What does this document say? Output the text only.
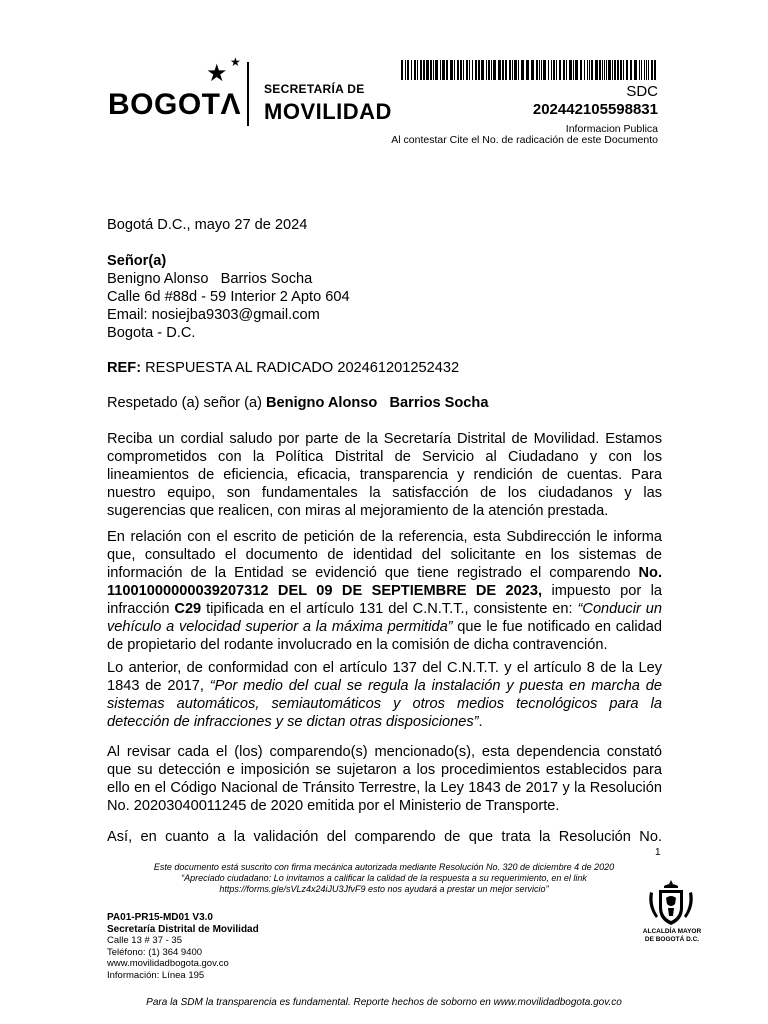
BOGOTΛ
★ ★
SECRETARÍA DE
MOVILIDAD
SDC
202442105598831
Informacion Publica
Al contestar Cite el No. de radicación de este Documento
Bogotá D.C., mayo 27 de 2024

Señor(a)

Benigno Alonso   Barrios Socha

Calle 6d #88d - 59 Interior 2 Apto 604

Email: nosiejba9303@gmail.com

Bogota - D.C.

REF: RESPUESTA AL RADICADO 202461201252432
Respetado (a) señor (a) Benigno Alonso   Barrios Socha

Reciba un cordial saludo por parte de la Secretaría Distrital de Movilidad. Estamos comprometidos con la Política Distrital de Servicio al Ciudadano y con los lineamientos de eficiencia, eficacia, transparencia y rendición de cuentas. Para nuestro equipo, son fundamentales la satisfacción de los ciudadanos y las sugerencias que realicen, con miras al mejoramiento de la atención prestada.

En relación con el escrito de petición de la referencia, esta Subdirección le informa que, consultado el documento de identidad del solicitante en los sistemas de información de la Entidad se evidenció que tiene registrado el comparendo No. 11001000000039207312 DEL 09 DE SEPTIEMBRE DE 2023, impuesto por la infracción C29 tipificada en el artículo 131 del C.N.T.T., consistente en: “Conducir un vehículo a velocidad superior a la máxima permitida” que le fue notificado en calidad de propietario del rodante involucrado en la comisión de dicha contravención.

Lo anterior, de conformidad con el artículo 137 del C.N.T.T. y el artículo 8 de la Ley 1843 de 2017, “Por medio del cual se regula la instalación y puesta en marcha de sistemas automáticos, semiautomáticos y otros medios tecnológicos para la detección de infracciones y se dictan otras disposiciones”.

Al revisar cada el (los) comparendo(s) mencionado(s), esta dependencia constató que su detección e imposición se sujetaron a los procedimientos establecidos para ello en el Código Nacional de Tránsito Terrestre, la Ley 1843 de 2017 y la Resolución No. 20203040011245 de 2020 emitida por el Ministerio de Transporte.

Así, en cuanto a la validación del comparendo de que trata la Resolución No.

1
Este documento está suscrito con firma mecánica autorizada mediante Resolución No. 320 de diciembre 4 de 2020
“Apreciado ciudadano: Lo invitamos a calificar la calidad de la respuesta a su requerimiento, en el link
https://forms.gle/sVLz4x24iJU3JfvF9 esto nos ayudará a prestar un mejor servicio”
PA01-PR15-MD01 V3.0
Secretaría Distrital de Movilidad
Calle 13 # 37 - 35
Teléfono: (1) 364 9400
www.movilidadbogota.gov.co
Información: Línea 195
ALCALDÍA MAYOR
DE BOGOTÁ D.C.
Para la SDM la transparencia es fundamental. Reporte hechos de soborno en www.movilidadbogota.gov.co
